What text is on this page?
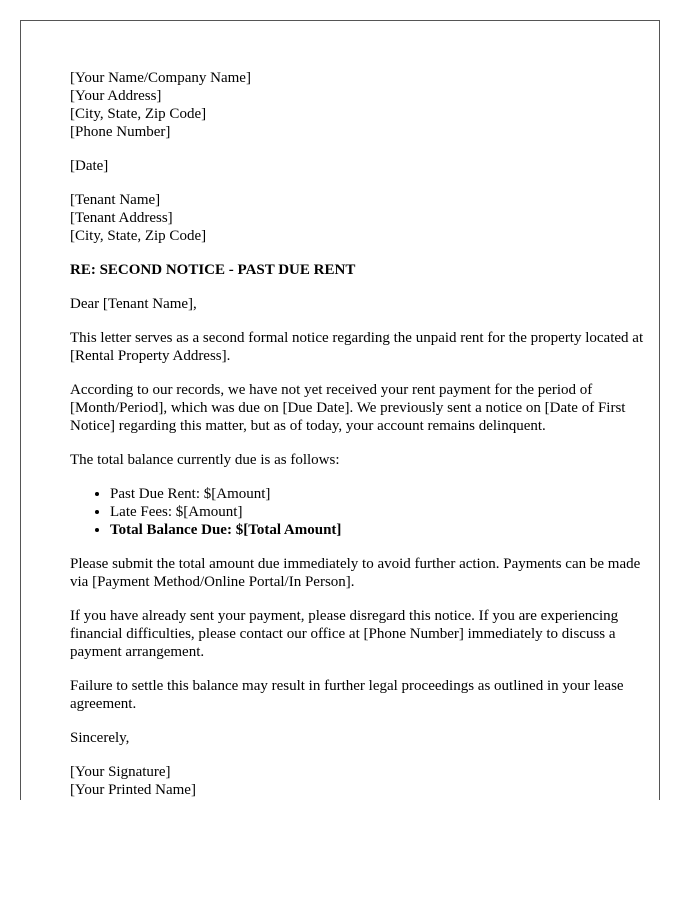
[Your Name/Company Name]
[Your Address]
[City, State, Zip Code]
[Phone Number]
[Date]
[Tenant Name]
[Tenant Address]
[City, State, Zip Code]
RE: SECOND NOTICE - PAST DUE RENT
Dear [Tenant Name],

This letter serves as a second formal notice regarding the unpaid rent for the property located at [Rental Property Address].

According to our records, we have not yet received your rent payment for the period of [Month/Period], which was due on [Due Date]. We previously sent a notice on [Date of First Notice] regarding this matter, but as of today, your account remains delinquent.

The total balance currently due is as follows:

• Past Due Rent: $[Amount]
• Late Fees: $[Amount]
• Total Balance Due: $[Total Amount]

Please submit the total amount due immediately to avoid further action. Payments can be made via [Payment Method/Online Portal/In Person].

If you have already sent your payment, please disregard this notice. If you are experiencing financial difficulties, please contact our office at [Phone Number] immediately to discuss a payment arrangement.

Failure to settle this balance may result in further legal proceedings as outlined in your lease agreement.

Sincerely,
[Your Signature]
[Your Printed Name]
